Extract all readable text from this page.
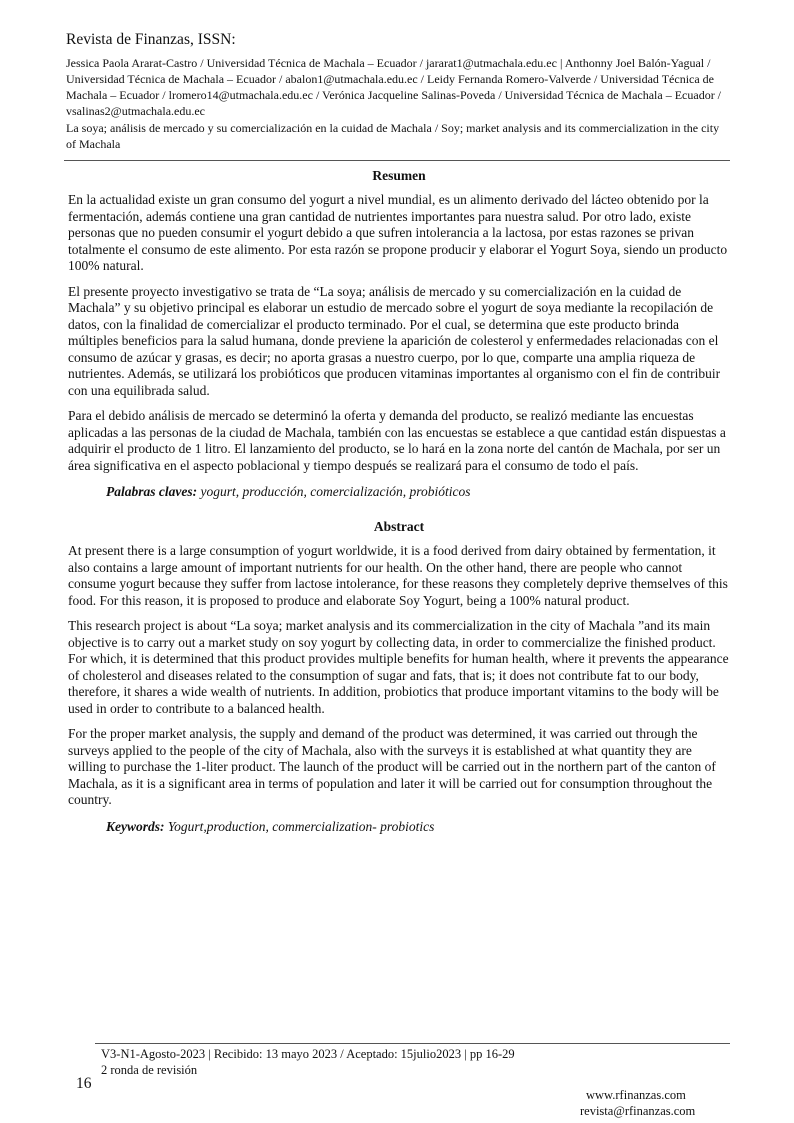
Revista de Finanzas, ISSN:

Jessica Paola Ararat-Castro / Universidad Técnica de Machala – Ecuador / jararat1@utmachala.edu.ec | Anthonny Joel Balón-Yagual / Universidad Técnica de Machala – Ecuador / abalon1@utmachala.edu.ec / Leidy Fernanda Romero-Valverde / Universidad Técnica de Machala – Ecuador / lromero14@utmachala.edu.ec / Verónica Jacqueline Salinas-Poveda / Universidad Técnica de Machala – Ecuador / vsalinas2@utmachala.edu.ec

La soya; análisis de mercado y su comercialización en la cuidad de Machala / Soy; market analysis and its commercialization in the city of Machala

Resumen

En la actualidad existe un gran consumo del yogurt a nivel mundial, es un alimento derivado del lácteo obtenido por la fermentación, además contiene una gran cantidad de nutrientes importantes para nuestra salud. Por otro lado, existe personas que no pueden consumir el yogurt debido a que sufren intolerancia a la lactosa, por estas razones se privan totalmente el consumo de este alimento. Por esta razón se propone producir y elaborar el Yogurt Soya, siendo un producto 100% natural.

El presente proyecto investigativo se trata de “La soya; análisis de mercado y su comercialización en la cuidad de Machala” y su objetivo principal es elaborar un estudio de mercado sobre el yogurt de soya mediante la recopilación de datos, con la finalidad de comercializar el producto terminado. Por el cual, se determina que este producto brinda múltiples beneficios para la salud humana, donde previene la aparición de colesterol y enfermedades relacionadas con el consumo de azúcar y grasas, es decir; no aporta grasas a nuestro cuerpo, por lo que, comparte una amplia riqueza de nutrientes. Además, se utilizará los probióticos que producen vitaminas importantes al organismo con el fin de contribuir con una equilibrada salud.

Para el debido análisis de mercado se determinó la oferta y demanda del producto, se realizó mediante las encuestas aplicadas a las personas de la ciudad de Machala, también con las encuestas se establece a que cantidad están dispuestas a adquirir el producto de 1 litro. El lanzamiento del producto, se lo hará en la zona norte del cantón de Machala, por ser un área significativa en el aspecto poblacional y tiempo después se realizará para el consumo de todo el país.

Palabras claves: yogurt, producción, comercialización, probióticos

Abstract

At present there is a large consumption of yogurt worldwide, it is a food derived from dairy obtained by fermentation, it also contains a large amount of important nutrients for our health. On the other hand, there are people who cannot consume yogurt because they suffer from lactose intolerance, for these reasons they completely deprive themselves of this food. For this reason, it is proposed to produce and elaborate Soy Yogurt, being a 100% natural product.

This research project is about “La soya; market analysis and its commercialization in the city of Machala ”and its main objective is to carry out a market study on soy yogurt by collecting data, in order to commercialize the finished product. For which, it is determined that this product provides multiple benefits for human health, where it prevents the appearance of cholesterol and diseases related to the consumption of sugar and fats, that is; it does not contribute fat to our body, therefore, it shares a wide wealth of nutrients. In addition, probiotics that produce important vitamins to the body will be used in order to contribute to a balanced health.

For the proper market analysis, the supply and demand of the product was determined, it was carried out through the surveys applied to the people of the city of Machala, also with the surveys it is established at what quantity they are willing to purchase the 1-liter product. The launch of the product will be carried out in the northern part of the canton of Machala, as it is a significant area in terms of population and later it will be carried out for consumption throughout the country.

Keywords: Yogurt,production, commercialization- probiotics

V3-N1-Agosto-2023 | Recibido: 13 mayo 2023 / Aceptado: 15julio2023 | pp 16-29
2 ronda de revisión
16
www.rfinanzas.com
revista@rfinanzas.com
